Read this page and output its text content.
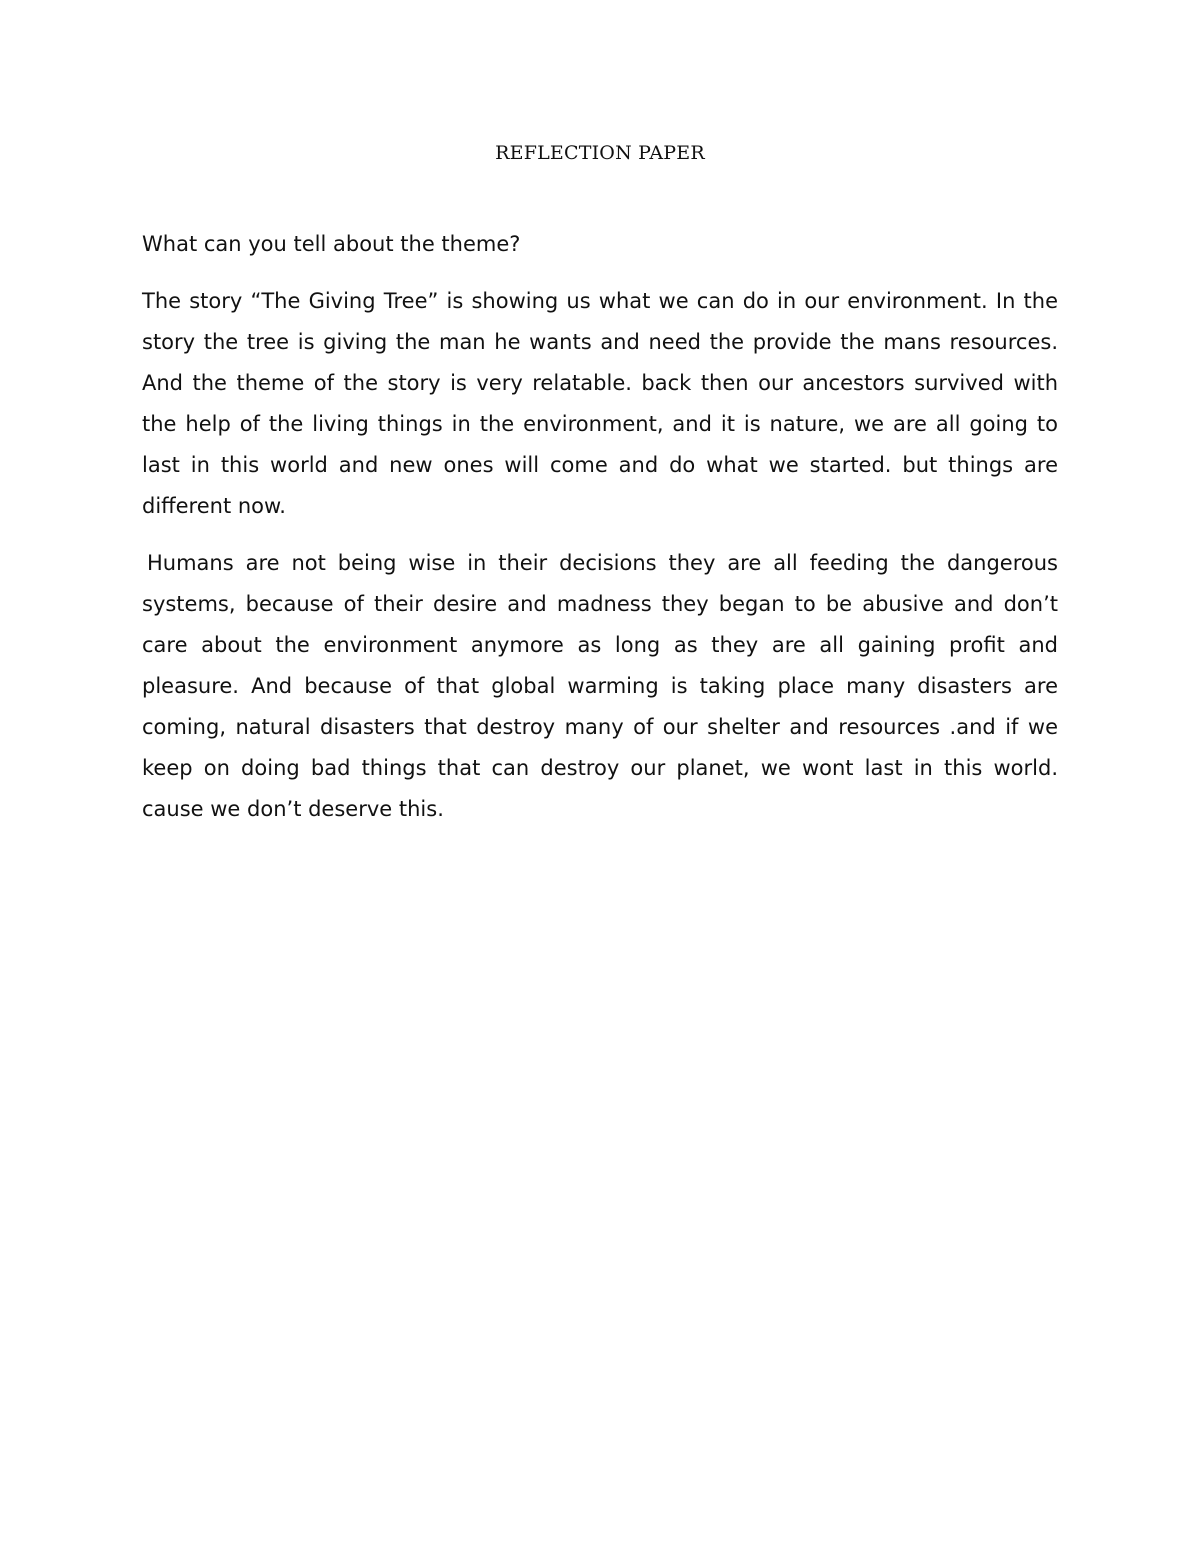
REFLECTION PAPER

What can you tell about the theme?

The story “The Giving Tree” is showing us what we can do in our environment. In the story the tree is giving the man he wants and need the provide the mans resources. And the theme of the story is very relatable. back then our ancestors survived with the help of the living things in the environment, and it is nature, we are all going to last in this world and new ones will come and do what we started. but things are different now.

Humans are not being wise in their decisions they are all feeding the dangerous systems, because of their desire and madness they began to be abusive and don’t care about the environment anymore as long as they are all gaining profit and pleasure. And because of that global warming is taking place many disasters are coming, natural disasters that destroy many of our shelter and resources .and if we keep on doing bad things that can destroy our planet, we wont last in this world. cause we don’t deserve this.
